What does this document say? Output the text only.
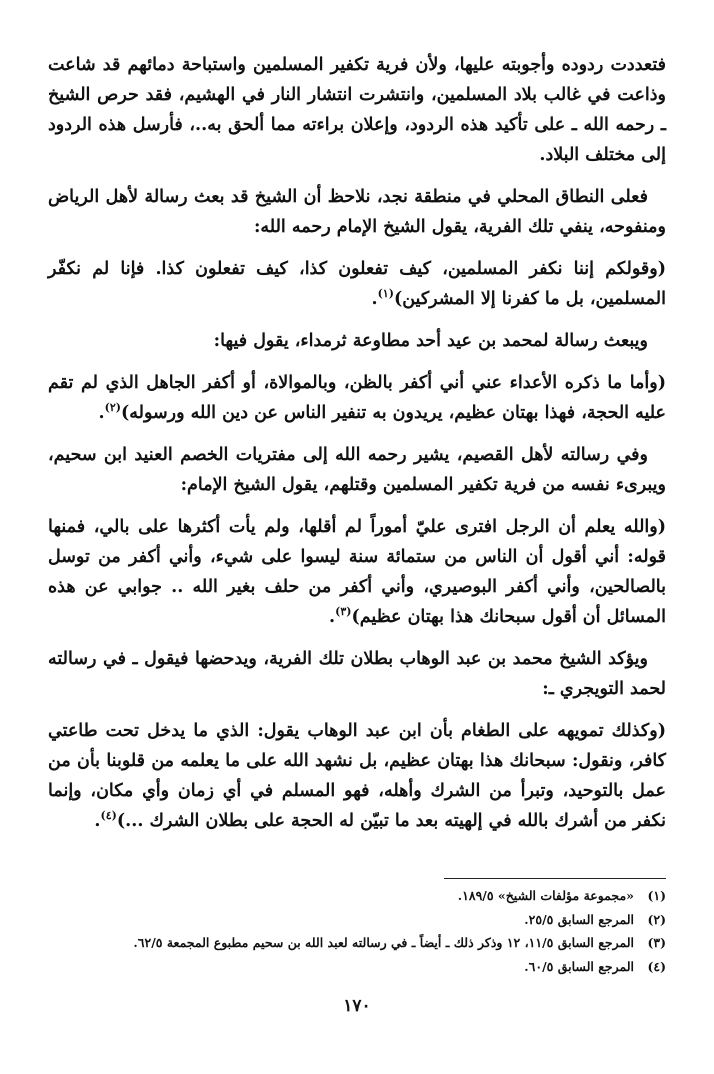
فتعددت ردوده وأجوبته عليها، ولأن فرية تكفير المسلمين واستباحة دمائهم قد شاعت وذاعت في غالب بلاد المسلمين، وانتشرت انتشار النار في الهشيم، فقد حرص الشيخ ـ رحمه الله ـ على تأكيد هذه الردود، وإعلان براءته مما ألحق به..، فأرسل هذه الردود إلى مختلف البلاد.

فعلى النطاق المحلي في منطقة نجد، نلاحظ أن الشيخ قد بعث رسالة لأهل الرياض ومنفوحه، ينفي تلك الفرية، يقول الشيخ الإمام رحمه الله:

(وقولكم إننا نكفر المسلمين، كيف تفعلون كذا، كيف تفعلون كذا. فإنا لم نكفّر المسلمين، بل ما كفرنا إلا المشركين)$^{(١)}$.

ويبعث رسالة لمحمد بن عيد أحد مطاوعة ثرمداء، يقول فيها:

(وأما ما ذكره الأعداء عني أني أكفر بالظن، وبالموالاة، أو أكفر الجاهل الذي لم تقم عليه الحجة، فهذا بهتان عظيم، يريدون به تنفير الناس عن دين الله ورسوله)$^{(٢)}$.

وفي رسالته لأهل القصيم، يشير رحمه الله إلى مفتريات الخصم العنيد ابن سحيم، ويبرىء نفسه من فرية تكفير المسلمين وقتلهم، يقول الشيخ الإمام:

(والله يعلم أن الرجل افترى عليّ أموراً لم أقلها، ولم يأت أكثرها على بالي، فمنها قوله: أني أقول أن الناس من ستمائة سنة ليسوا على شيء، وأني أكفر من توسل بالصالحين، وأني أكفر البوصيري، وأني أكفر من حلف بغير الله .. جوابي عن هذه المسائل أن أقول سبحانك هذا بهتان عظيم)$^{(٣)}$.

ويؤكد الشيخ محمد بن عبد الوهاب بطلان تلك الفرية، ويدحضها فيقول ـ في رسالته لحمد التويجري ـ:

(وكذلك تمويهه على الطغام بأن ابن عبد الوهاب يقول: الذي ما يدخل تحت طاعتي كافر، ونقول: سبحانك هذا بهتان عظيم، بل نشهد الله على ما يعلمه من قلوبنا بأن من عمل بالتوحيد، وتبرأ من الشرك وأهله، فهو المسلم في أي زمان وأي مكان، وإنما نكفر من أشرك بالله في إلهيته بعد ما تبيّن له الحجة على بطلان الشرك ...)$^{(٤)}$.

(١)
«مجموعة مؤلفات الشيخ» ١٨٩/٥.
(٢)
المرجع السابق ٢٥/٥.
(٣)
المرجع السابق ١١/٥، ١٢ وذكر ذلك ـ أيضاً ـ في رسالته لعبد الله بن سحيم مطبوع المجمعة ٦٢/٥.
(٤)
المرجع السابق ٦٠/٥.
١٧٠
